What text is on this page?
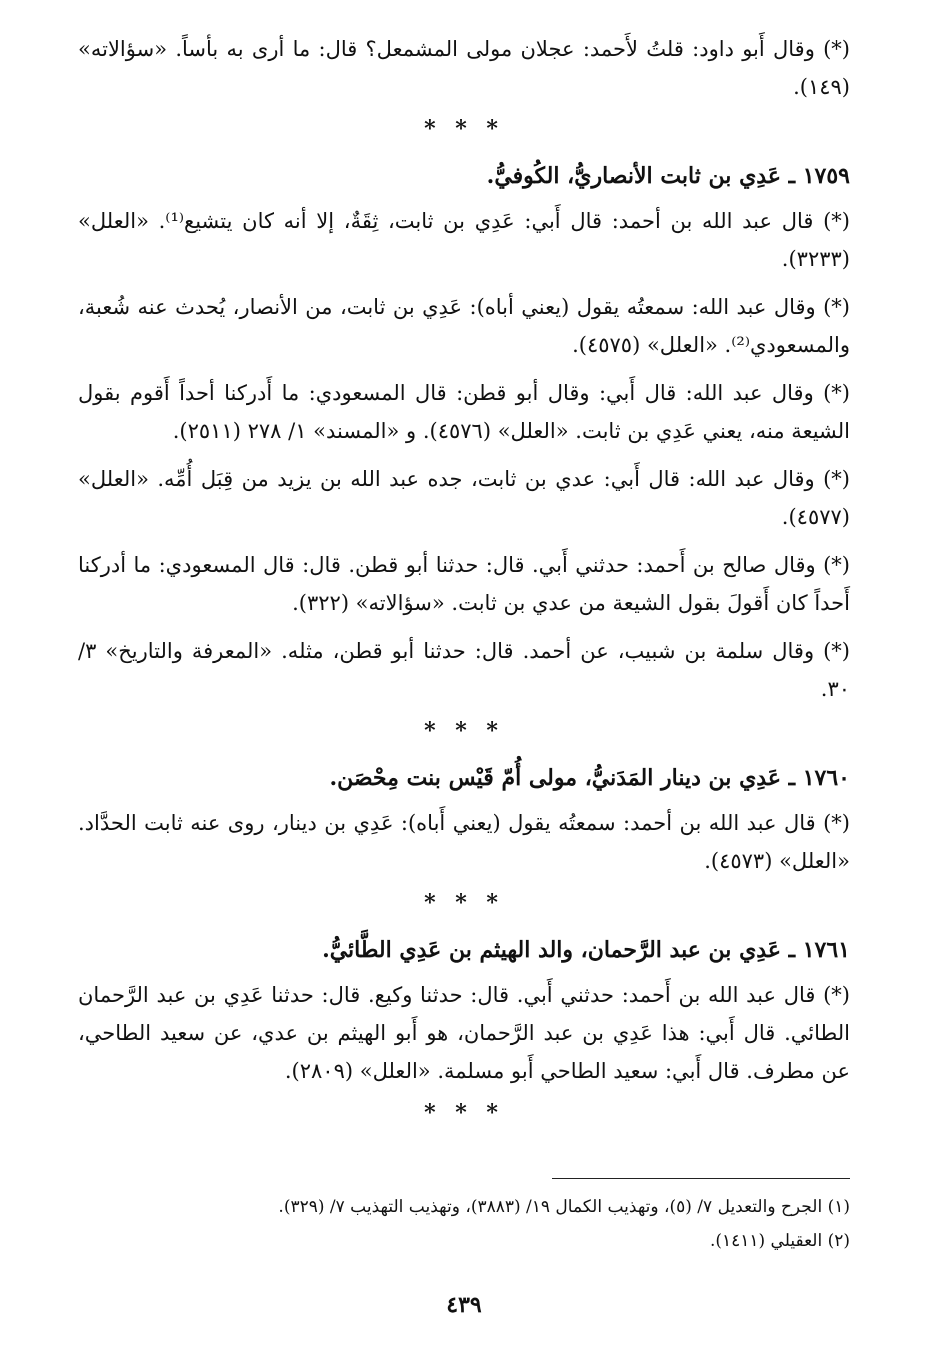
(*) وقال أَبو داود: قلتُ لأَحمد: عجلان مولى المشمعل؟ قال: ما أرى به بأساً. «سؤالاته» (١٤٩).

* * *

١٧٥٩ ـ عَدِي بن ثابت الأنصاريُّ، الكُوفيُّ.

(*) قال عبد الله بن أحمد: قال أَبي: عَدِي بن ثابت، ثِقَةٌ، إلا أنه كان يتشيع⁽¹⁾. «العلل» (٣٢٣٣).

(*) وقال عبد الله: سمعتُه يقول (يعني أباه): عَدِي بن ثابت، من الأنصار، يُحدث عنه شُعبة، والمسعودي⁽²⁾. «العلل» (٤٥٧٥).

(*) وقال عبد الله: قال أَبي: وقال أبو قطن: قال المسعودي: ما أَدركنا أحداً أَقوم بقول الشيعة منه، يعني عَدِي بن ثابت. «العلل» (٤٥٧٦). و «المسند» ١/ ٢٧٨ (٢٥١١).

(*) وقال عبد الله: قال أَبي: عدي بن ثابت، جده عبد الله بن يزيد من قِبَل أُمِّه. «العلل» (٤٥٧٧).

(*) وقال صالح بن أَحمد: حدثني أَبي. قال: حدثنا أبو قطن. قال: قال المسعودي: ما أدركنا أَحداً كان أَقولَ بقول الشيعة من عدي بن ثابت. «سؤالاته» (٣٢٢).

(*) وقال سلمة بن شبيب، عن أحمد. قال: حدثنا أبو قطن، مثله. «المعرفة والتاريخ» ٣/ ٣٠.

* * *

١٧٦٠ ـ عَدِي بن دينار المَدَنيُّ، مولى أُمّ قَيْس بنت مِحْصَن.

(*) قال عبد الله بن أحمد: سمعتُه يقول (يعني أَباه): عَدِي بن دينار، روى عنه ثابت الحدَّاد. «العلل» (٤٥٧٣).

* * *

١٧٦١ ـ عَدِي بن عبد الرَّحمان، والد الهيثم بن عَدِي الطَّائيُّ.

(*) قال عبد الله بن أَحمد: حدثني أَبي. قال: حدثنا وكيع. قال: حدثنا عَدِي بن عبد الرَّحمان الطائي. قال أَبي: هذا عَدِي بن عبد الرَّحمان، هو أَبو الهيثم بن عدي، عن سعيد الطاحي، عن مطرف. قال أَبي: سعيد الطاحي أَبو مسلمة. «العلل» (٢٨٠٩).

* * *
(١) الجرح والتعديل ٧/ (٥)، وتهذيب الكمال ١٩/ (٣٨٨٣)، وتهذيب التهذيب ٧/ (٣٢٩).
(٢) العقيلي (١٤١١).
٤٣٩
